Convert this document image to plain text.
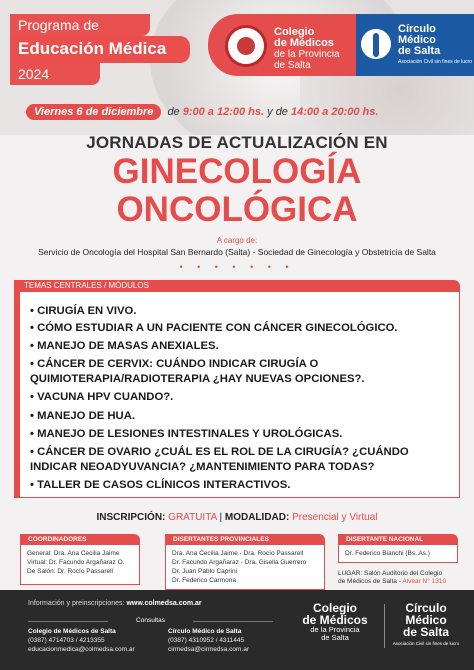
Programa de
Educación Médica
2024
Colegio
de Médicos
de la Provincia
de Salta
Círculo
Médico
de Salta
Asociación Civil sin fines de lucro
Viernes 6 de diciembre	de 9:00 a 12:00 hs. y de 14:00 a 20:00 hs.
JORNADAS DE ACTUALIZACIÓN EN
GINECOLOGÍA
ONCOLÓGICA
A cargo de:
Servicio de Oncología del Hospital San Bernardo (Salta) - Sociedad de Ginecología y Obstetricia de Salta
• • • • • • •
TEMAS CENTRALES / MÓDULOS
• CIRUGÍA EN VIVO.
• CÓMO ESTUDIAR A UN PACIENTE CON CÁNCER GINECOLÓGICO.
• MANEJO DE MASAS ANEXIALES.
• CÁNCER DE CERVIX: CUÁNDO INDICAR CIRUGÍA O
QUIMIOTERAPIA/RADIOTERAPIA ¿HAY NUEVAS OPCIONES?.
• VACUNA HPV CUANDO?.
• MANEJO DE HUA.
• MANEJO DE LESIONES INTESTINALES Y UROLÓGICAS.
• CÁNCER DE OVARIO ¿CUÁL ES EL ROL DE LA CIRUGÍA? ¿CUÁNDO
INDICAR NEOADYUVANCIA? ¿MANTENIMIENTO PARA TODAS?
• TALLER DE CASOS CLÍNICOS INTERACTIVOS.
INSCRIPCIÓN: GRATUITA | MODALIDAD: Presencial y Virtual
COORDINADORES
General: Dra. Ana Cecilia Jaime
Virtual: Dr. Facundo Argañaraz O.
De Salón: Dr. Rocío Passarell
DISERTANTES PROVINCIALES
Dra. Ana Cecilia Jaime - Dra. Rocío Passarell
Dr. Facundo Argañaraz - Dra. Gisella Guerrero
Dr. Juan Pablo Caprini
Dr. Federico Carmona
DISERTANTE NACIONAL
Dr. Federico Bianchi (Bs. As.)
LUGAR: Salón Auditorio del Colegio
de Médicos de Salta - Alvear N° 1310
Información y preinscripciones: www.colmedsa.com.ar
Consultas
Colegio de Médicos de Salta
(0387) 4714703 / 4213355
educacionmedica@colmedsa.com.ar
Círculo Médico de Salta
(0387) 4310952 / 4311445
cirmedsa@cirmedsa.com.ar
Colegio
de Médicos
de la Provincia
de Salta
Círculo
Médico
de Salta
Asociación Civil sin fines de lucro
